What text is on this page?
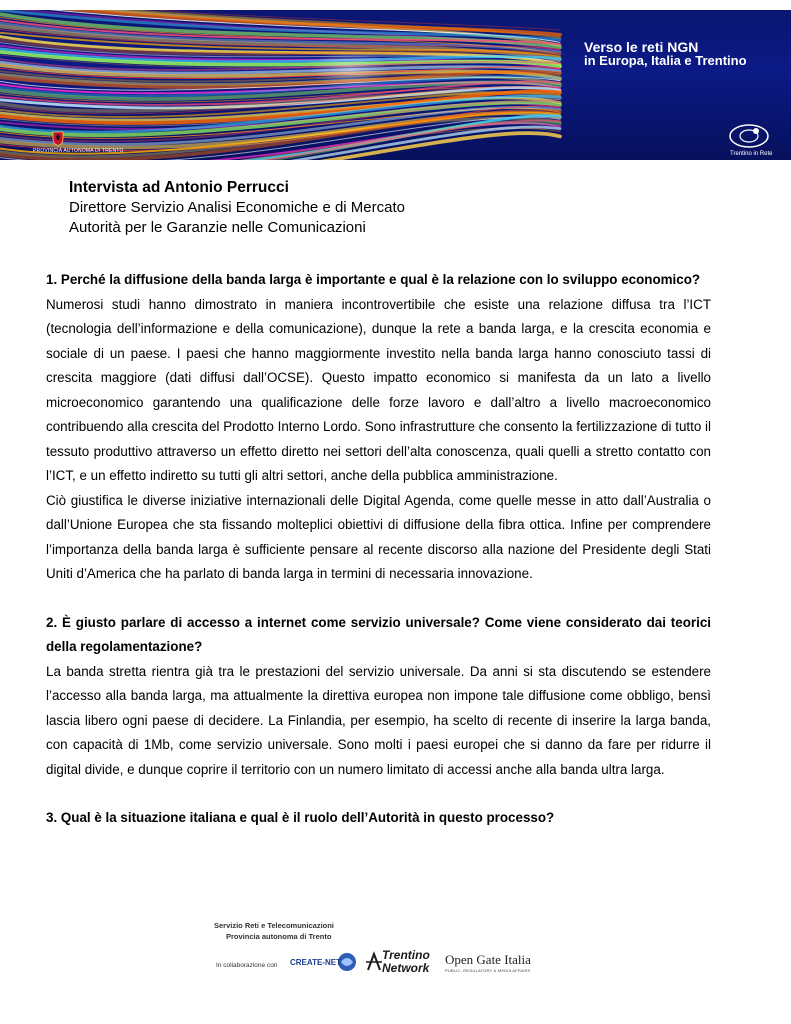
Verso le reti NGN
in Europa, Italia e Trentino
PROVINCIA AUTONOMA DI TRENTO	Trentino in Rete
Intervista ad Antonio Perrucci
Direttore Servizio Analisi Economiche e di Mercato
Autorità per le Garanzie nelle Comunicazioni

1. Perché la diffusione della banda larga è importante e qual è la relazione con lo sviluppo economico?

Numerosi studi hanno dimostrato in maniera incontrovertibile che esiste una relazione diffusa tra l’ICT (tecnologia dell’informazione e della comunicazione), dunque la rete a banda larga, e la crescita economia e sociale di un paese. I paesi che hanno maggiormente investito nella banda larga hanno conosciuto tassi di crescita maggiore (dati diffusi dall’OCSE). Questo impatto economico si manifesta da un lato a livello microeconomico garantendo una qualificazione delle forze lavoro e dall’altro a livello macroeconomico contribuendo alla crescita del Prodotto Interno Lordo. Sono infrastrutture che consento la fertilizzazione di tutto il tessuto produttivo attraverso un effetto diretto nei settori dell’alta conoscenza, quali quelli a stretto contatto con l’ICT, e un effetto indiretto su tutti gli altri settori, anche della pubblica amministrazione.

Ciò giustifica le diverse iniziative internazionali delle Digital Agenda, come quelle messe in atto dall’Australia o dall’Unione Europea che sta fissando molteplici obiettivi di diffusione della fibra ottica. Infine per comprendere l’importanza della banda larga è sufficiente pensare al recente discorso alla nazione del Presidente degli Stati Uniti d’America che ha parlato di banda larga in termini di necessaria innovazione.

2. È giusto parlare di accesso a internet come servizio universale? Come viene considerato dai teorici della regolamentazione?

La banda stretta rientra già tra le prestazioni del servizio universale. Da anni si sta discutendo se estendere l’accesso alla banda larga, ma attualmente la direttiva europea non impone tale diffusione come obbligo, bensì lascia libero ogni paese di decidere. La Finlandia, per esempio, ha scelto di recente di inserire la larga banda, con capacità di 1Mb, come servizio universale. Sono molti i paesi europei che si danno da fare per ridurre il digital divide, e dunque coprire il territorio con un numero limitato di accessi anche alla banda ultra larga.

3. Qual è la situazione italiana e qual è il ruolo dell’Autorità in questo processo?

Servizio Reti e Telecomunicazioni
Provincia autonoma di Trento
In collaborazione con CREATE-NET
Trentino
Network
Open Gate Italia
PUBLIC, REGULATORY & MEDIA AFFAIRS
